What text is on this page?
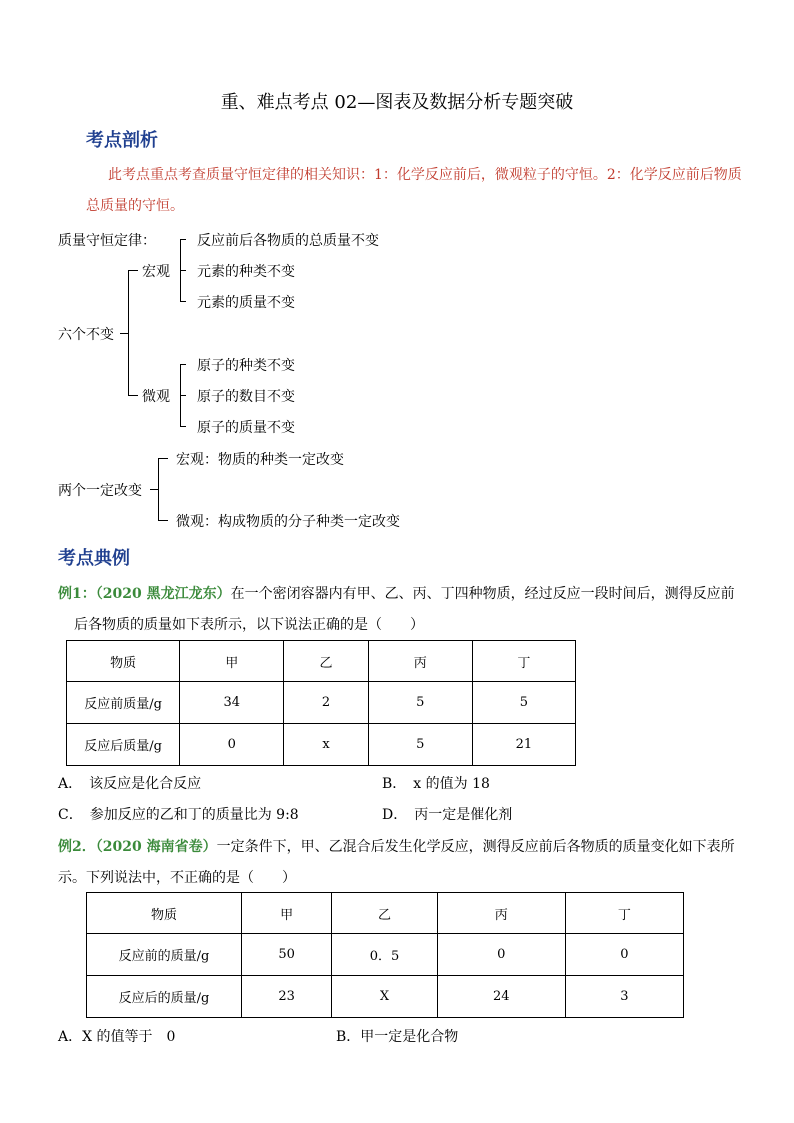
重、难点考点 02—图表及数据分析专题突破
考点剖析
此考点重点考查质量守恒定律的相关知识：1：化学反应前后，微观粒子的守恒。2：化学反应前后物质
总质量的守恒。
质量守恒定律：	反应前后各物质的总质量不变
元素的种类不变
元素的质量不变
宏观
六个不变
原子的种类不变
原子的数目不变
原子的质量不变
微观
两个一定改变
宏观：物质的种类一定改变
微观：构成物质的分子种类一定改变
考点典例
例1：（2020 黑龙江龙东）在一个密闭容器内有甲、乙、丙、丁四种物质，经过反应一段时间后，测得反应前
后各物质的质量如下表所示，以下说法正确的是（　　）
物质	甲	乙	丙	丁
反应前质量/g	34	2	5	5
反应后质量/g	0	x	5	21
A．　该反应是化合反应	B．　x 的值为 18
C．　参加反应的乙和丁的质量比为 9:8	D．　丙一定是催化剂
例2．（2020 海南省卷）一定条件下，甲、乙混合后发生化学反应，测得反应前后各物质的质量变化如下表所
示。下列说法中，不正确的是（　　）
物质	甲	乙	丙	丁
反应前的质量/g	50	0．5	0	0
反应后的质量/g	23	X	24	3
A．X 的值等于　0	B．甲一定是化合物
